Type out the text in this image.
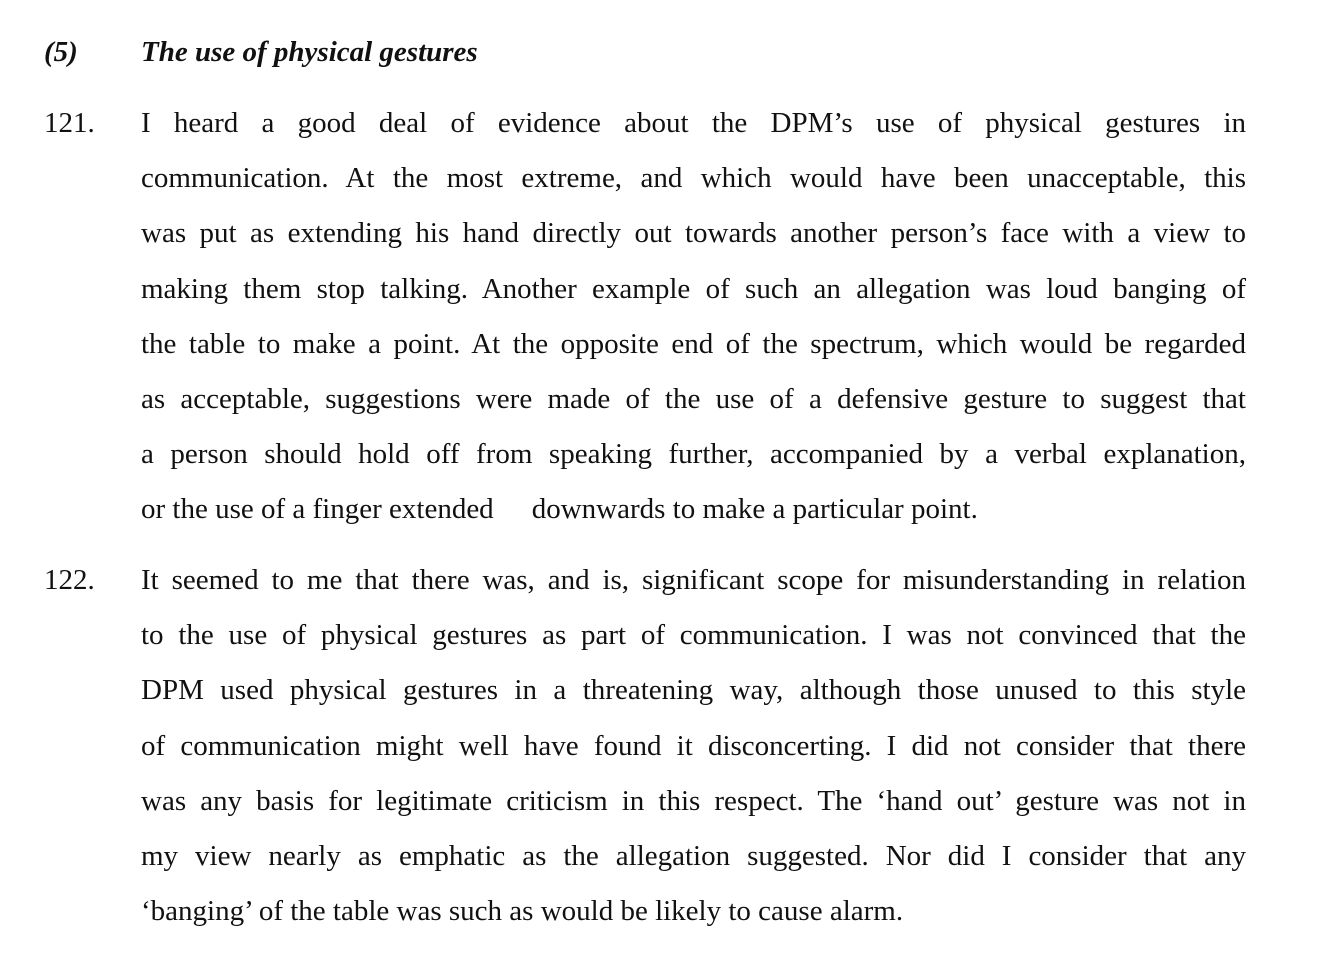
(5) The use of physical gestures
121. I heard a good deal of evidence about the DPM’s use of physical gestures in
communication. At the most extreme, and which would have been unacceptable, this
was put as extending his hand directly out towards another person’s face with a view to
making them stop talking. Another example of such an allegation was loud banging of
the table to make a point. At the opposite end of the spectrum, which would be regarded
as acceptable, suggestions were made of the use of a defensive gesture to suggest that
a person should hold off from speaking further, accompanied by a verbal explanation,
or the use of a finger extended downwards to make a particular point.
122. It seemed to me that there was, and is, significant scope for misunderstanding in relation
to the use of physical gestures as part of communication. I was not convinced that the
DPM used physical gestures in a threatening way, although those unused to this style
of communication might well have found it disconcerting. I did not consider that there
was any basis for legitimate criticism in this respect. The ‘hand out’ gesture was not in
my view nearly as emphatic as the allegation suggested. Nor did I consider that any
‘banging’ of the table was such as would be likely to cause alarm.
